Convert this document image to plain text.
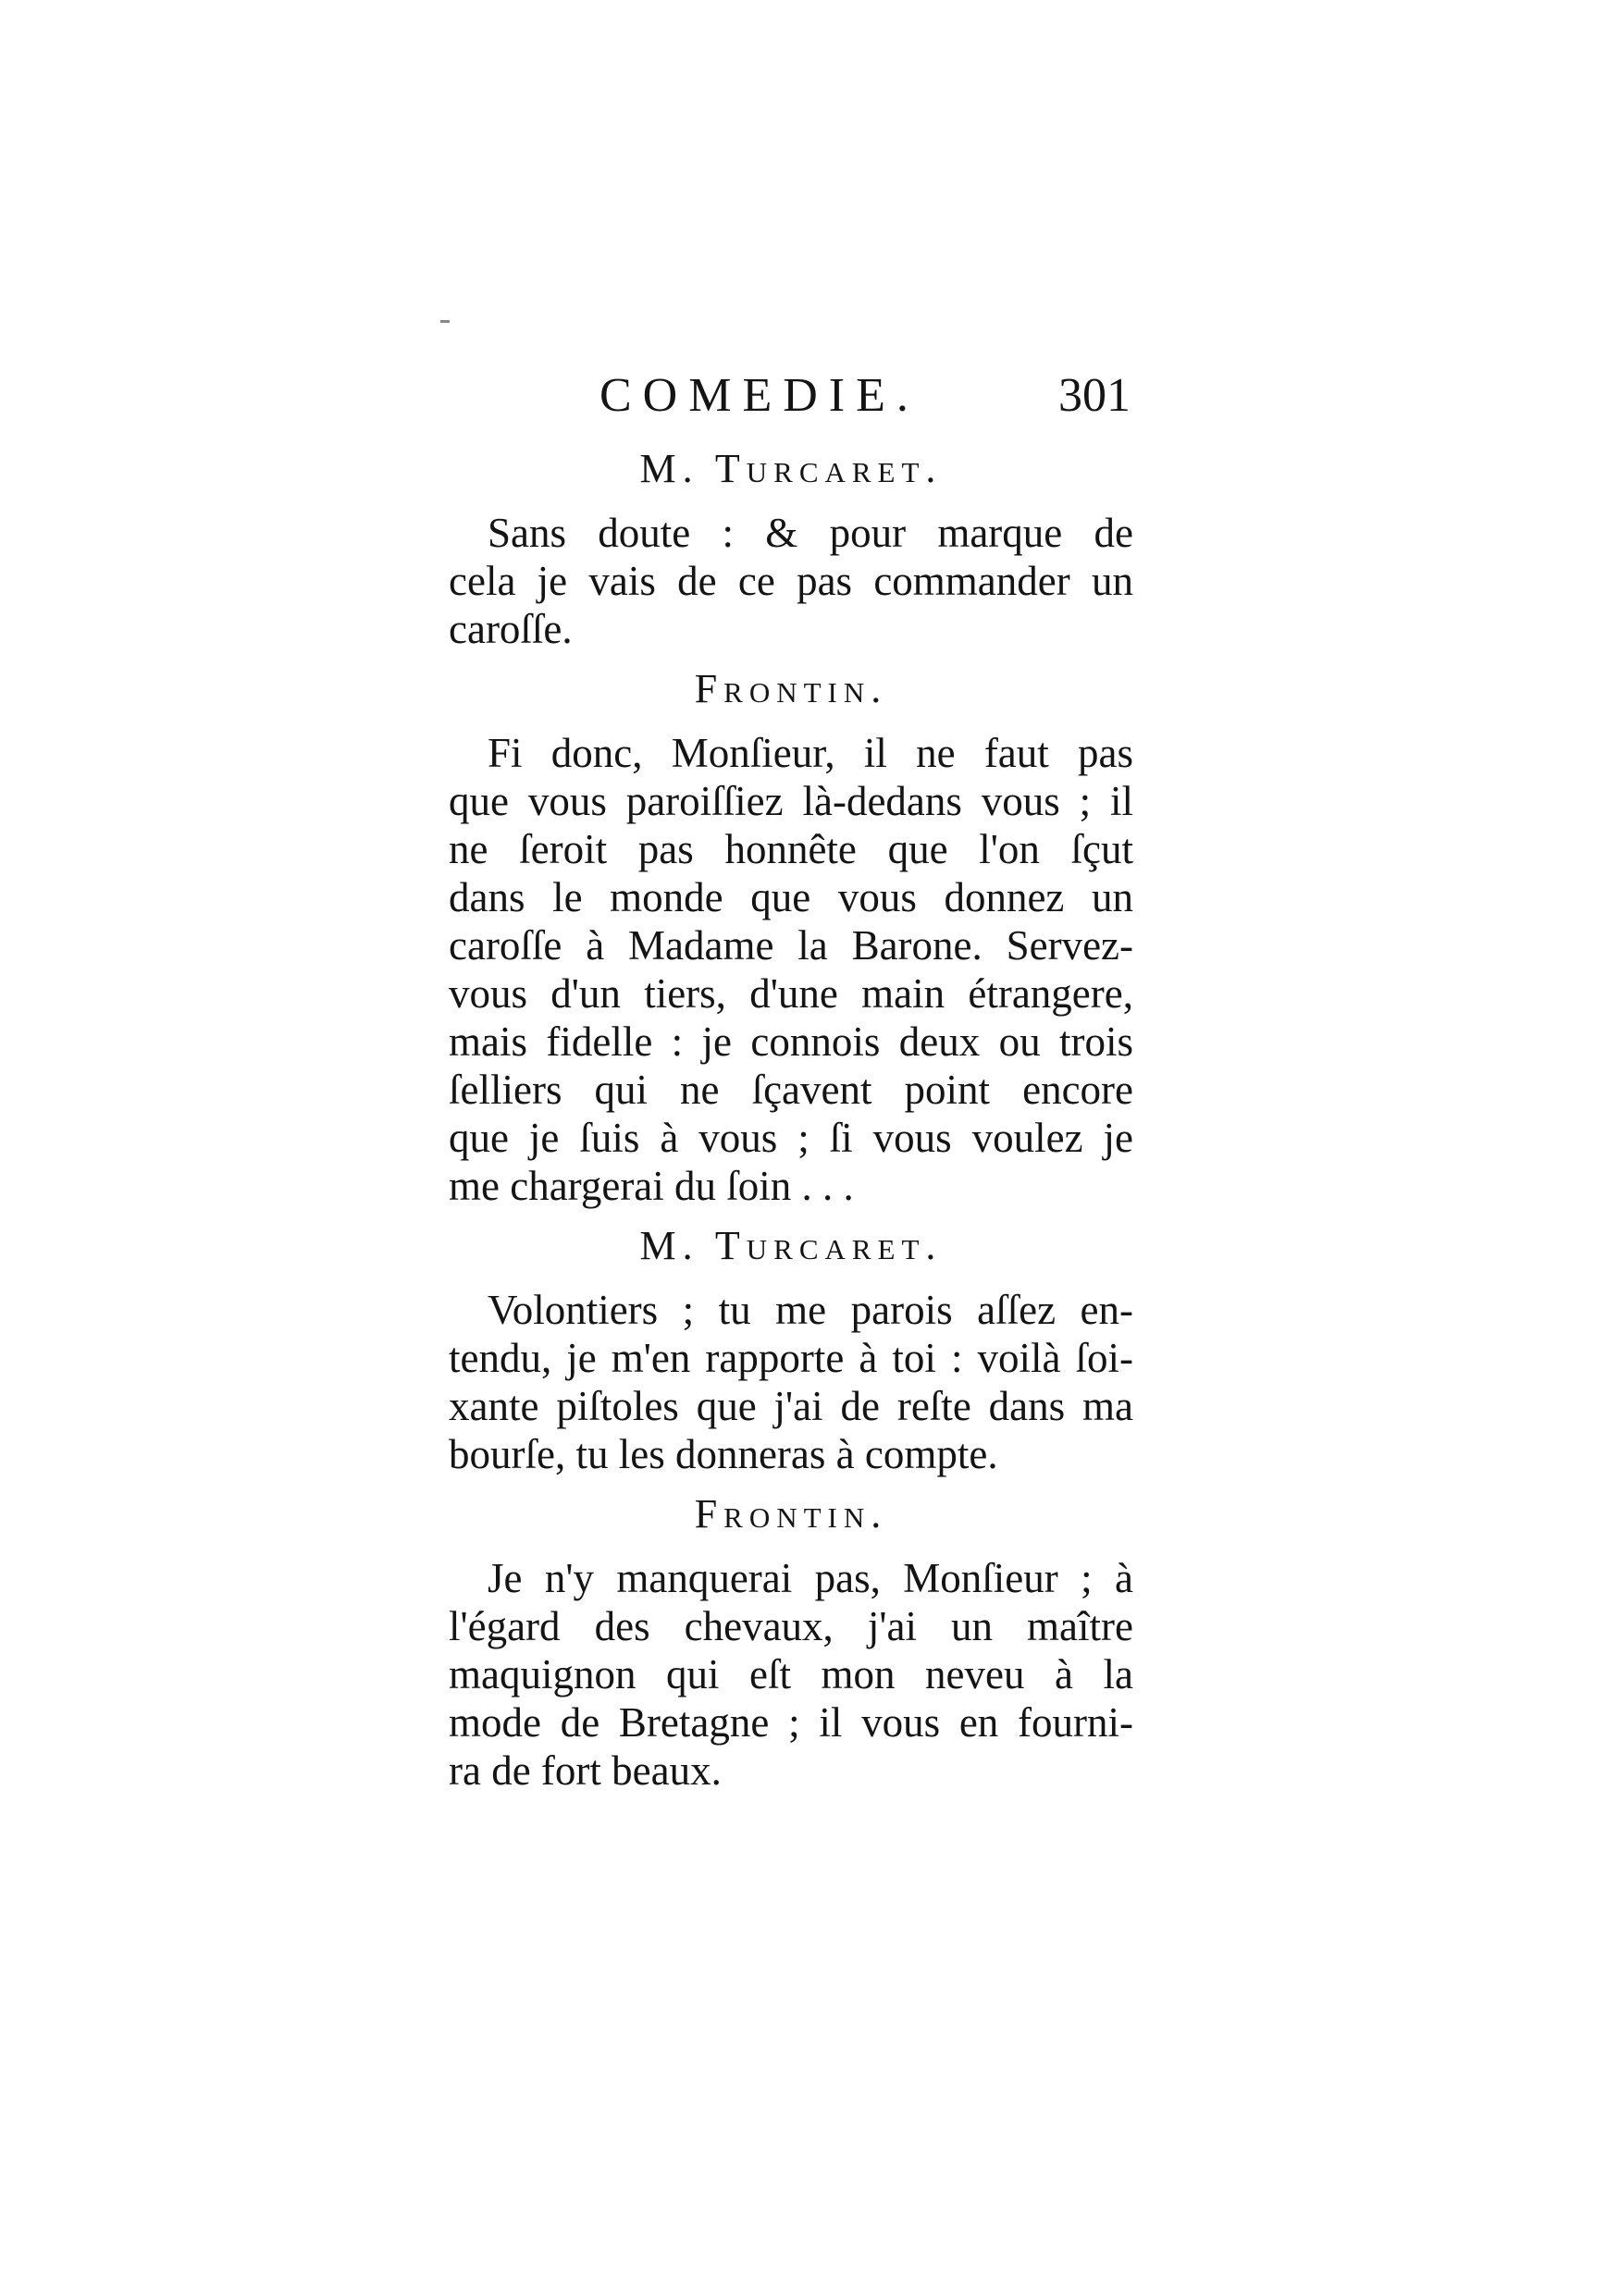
COMEDIE.	301
M. Turcaret.
Sans doute : & pour marque de
cela je vais de ce pas commander un
caroſſe.
Frontin.
Fi donc, Monſieur, il ne faut pas
que vous paroiſſiez là-dedans vous ; il
ne ſeroit pas honnête que l'on ſçut
dans le monde que vous donnez un
caroſſe à Madame la Barone. Servez-
vous d'un tiers, d'une main étrangere,
mais fidelle : je connois deux ou trois
ſelliers qui ne ſçavent point encore
que je ſuis à vous ; ſi vous voulez je
me chargerai du ſoin . . .
M. Turcaret.
Volontiers ; tu me parois aſſez en-
tendu, je m'en rapporte à toi : voilà ſoi-
xante piſtoles que j'ai de reſte dans ma
bourſe, tu les donneras à compte.
Frontin.
Je n'y manquerai pas, Monſieur ; à
l'égard des chevaux, j'ai un maître
maquignon qui eſt mon neveu à la
mode de Bretagne ; il vous en fourni-
ra de fort beaux.
